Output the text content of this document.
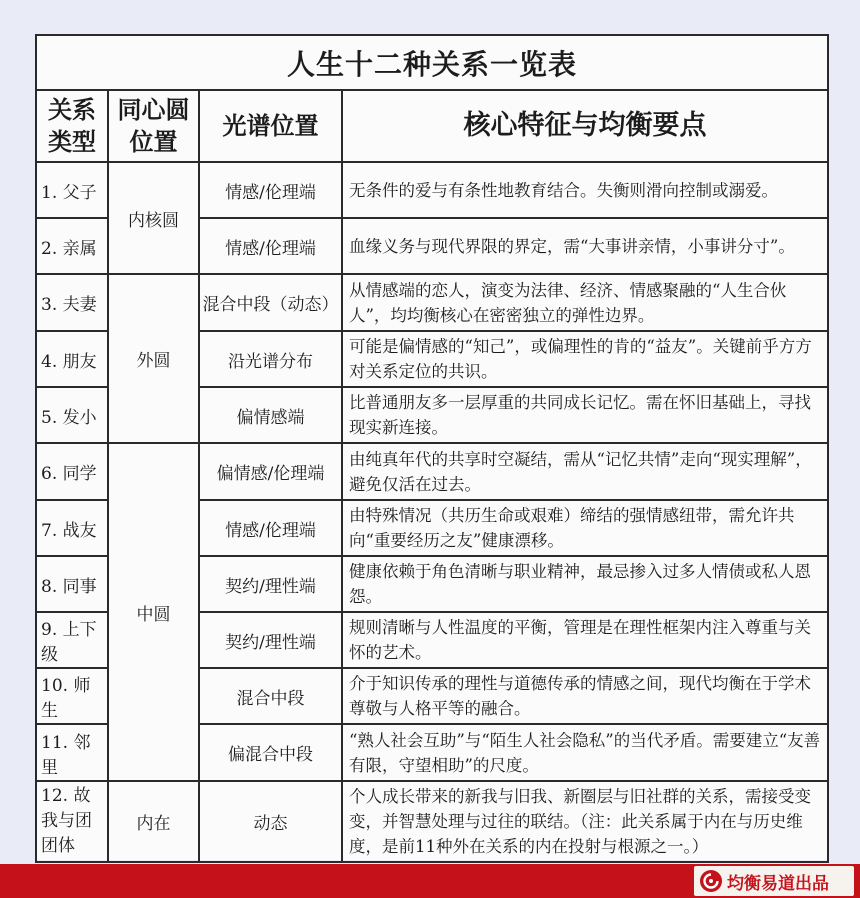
人生十二种关系一览表			

关系类型	同心圆位置	光谱位置	核心特征与均衡要点
1. 父子	内核圆	情感/伦理端	无条件的爱与有条性地教育结合。失衡则滑向控制或溺爱。
2. 亲属		情感/伦理端	血缘义务与现代界限的界定，需“大事讲亲情，小事讲分寸”。
3. 夫妻	外圆	混合中段（动态）	从情感端的恋人，演变为法律、经济、情感聚融的“人生合伙人”，均均衡核心在密密独立的弹性边界。
4. 朋友		沿光谱分布	可能是偏情感的“知己”，或偏理性的肯的“益友”。关键前乎方方对关系定位的共识。
5. 发小		偏情感端	比普通朋友多一层厚重的共同成长记忆。需在怀旧基础上，寻找现实新连接。
6. 同学	中圆	偏情感/伦理端	由纯真年代的共享时空凝结，需从“记忆共情”走向“现实理解”，避免仅活在过去。
7. 战友		情感/伦理端	由特殊情况（共历生命或艰难）缔结的强情感纽带，需允许共向“重要经历之友”健康漂移。
8. 同事		契约/理性端	健康依赖于角色清晰与职业精神，最忌掺入过多人情债或私人恩怨。
9. 上下级		契约/理性端	规则清晰与人性温度的平衡，管理是在理性框架内注入尊重与关怀的艺术。
10. 师生		混合中段	介于知识传承的理性与道德传承的情感之间，现代均衡在于学术尊敬与人格平等的融合。
11. 邻里		偏混合中段	“熟人社会互助”与“陌生人社会隐私”的当代矛盾。需要建立“友善有限，守望相助”的尺度。
12. 故我与团团体	内在	动态	个人成长带来的新我与旧我、新圈层与旧社群的关系，需接受变变，并智慧处理与过往的联结。（注：此关系属于内在与历史维度，是前11种外在关系的内在投射与根源之一。）
均衡易道出品
